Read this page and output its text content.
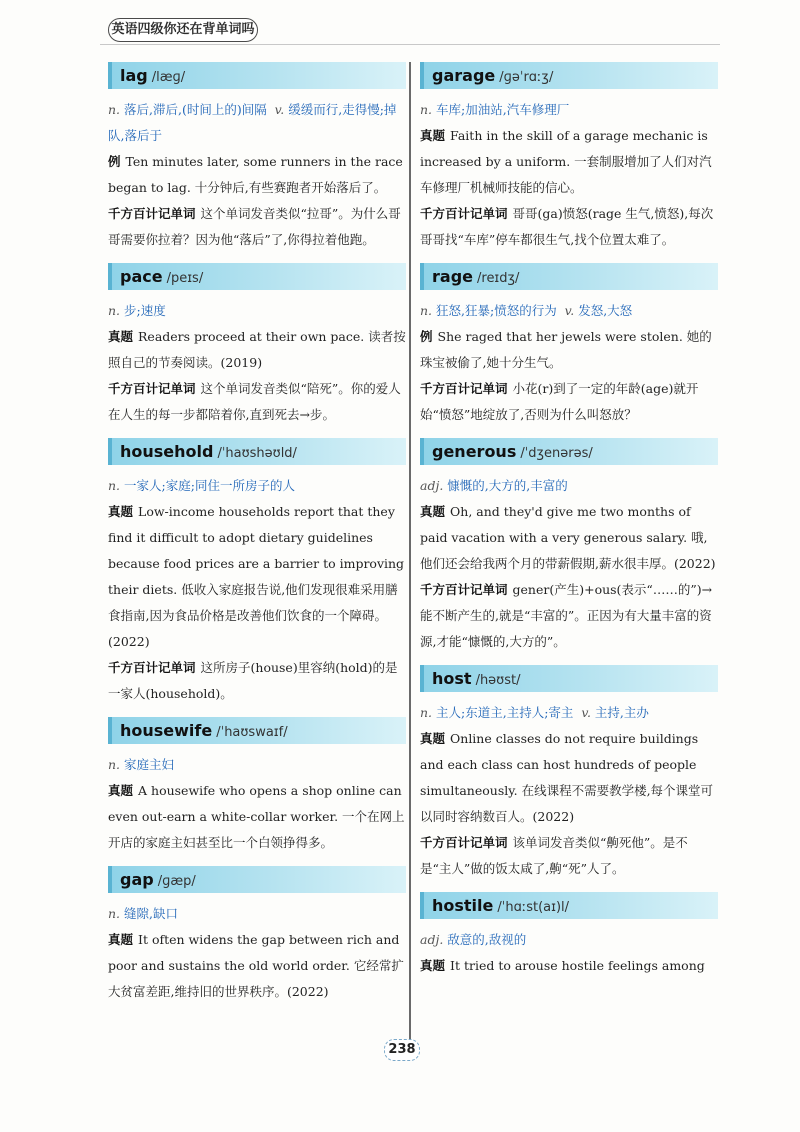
英语四级你还在背单词吗
lag /læɡ/

n. 落后,滞后,(时间上的)间隔 v. 缓缓而行,走得慢;掉队,落后于

例 Ten minutes later, some runners in the race began to lag. 十分钟后,有些赛跑者开始落后了。

千方百计记单词 这个单词发音类似“拉哥”。为什么哥哥需要你拉着？因为他“落后”了,你得拉着他跑。

pace /peɪs/

n. 步;速度

真题 Readers proceed at their own pace. 读者按照自己的节奏阅读。(2019)

千方百计记单词 这个单词发音类似“陪死”。你的爱人在人生的每一步都陪着你,直到死去→步。

household /ˈhaʊshəʊld/

n. 一家人;家庭;同住一所房子的人

真题 Low-income households report that they find it difficult to adopt dietary guidelines because food prices are a barrier to improving their diets. 低收入家庭报告说,他们发现很难采用膳食指南,因为食品价格是改善他们饮食的一个障碍。(2022)

千方百计记单词 这所房子(house)里容纳(hold)的是一家人(household)。

housewife /ˈhaʊswaɪf/

n. 家庭主妇

真题 A housewife who opens a shop online can even out-earn a white-collar worker. 一个在网上开店的家庭主妇甚至比一个白领挣得多。

gap /ɡæp/

n. 缝隙,缺口

真题 It often widens the gap between rich and poor and sustains the old world order. 它经常扩大贫富差距,维持旧的世界秩序。(2022)

garage /ɡəˈrɑːʒ/

n. 车库;加油站,汽车修理厂

真题 Faith in the skill of a garage mechanic is increased by a uniform. 一套制服增加了人们对汽车修理厂机械师技能的信心。

千方百计记单词 哥哥(ga)愤怒(rage 生气,愤怒),每次哥哥找“车库”停车都很生气,找个位置太难了。

rage /reɪdʒ/

n. 狂怒,狂暴;愤怒的行为 v. 发怒,大怒

例 She raged that her jewels were stolen. 她的珠宝被偷了,她十分生气。

千方百计记单词 小花(r)到了一定的年龄(age)就开始“愤怒”地绽放了,否则为什么叫怒放？

generous /ˈdʒenərəs/

adj. 慷慨的,大方的,丰富的

真题 Oh, and they'd give me two months of paid vacation with a very generous salary. 哦,他们还会给我两个月的带薪假期,薪水很丰厚。(2022)

千方百计记单词 gener(产生)+ous(表示“……的”)→能不断产生的,就是“丰富的”。正因为有大量丰富的资源,才能“慷慨的,大方的”。

host /həʊst/

n. 主人;东道主,主持人;寄主 v. 主持,主办

真题 Online classes do not require buildings and each class can host hundreds of people simultaneously. 在线课程不需要教学楼,每个课堂可以同时容纳数百人。(2022)

千方百计记单词 该单词发音类似“齁死他”。是不是“主人”做的饭太咸了,齁“死”人了。

hostile /ˈhɑːst(aɪ)l/

adj. 敌意的,敌视的

真题 It tried to arouse hostile feelings among

238
